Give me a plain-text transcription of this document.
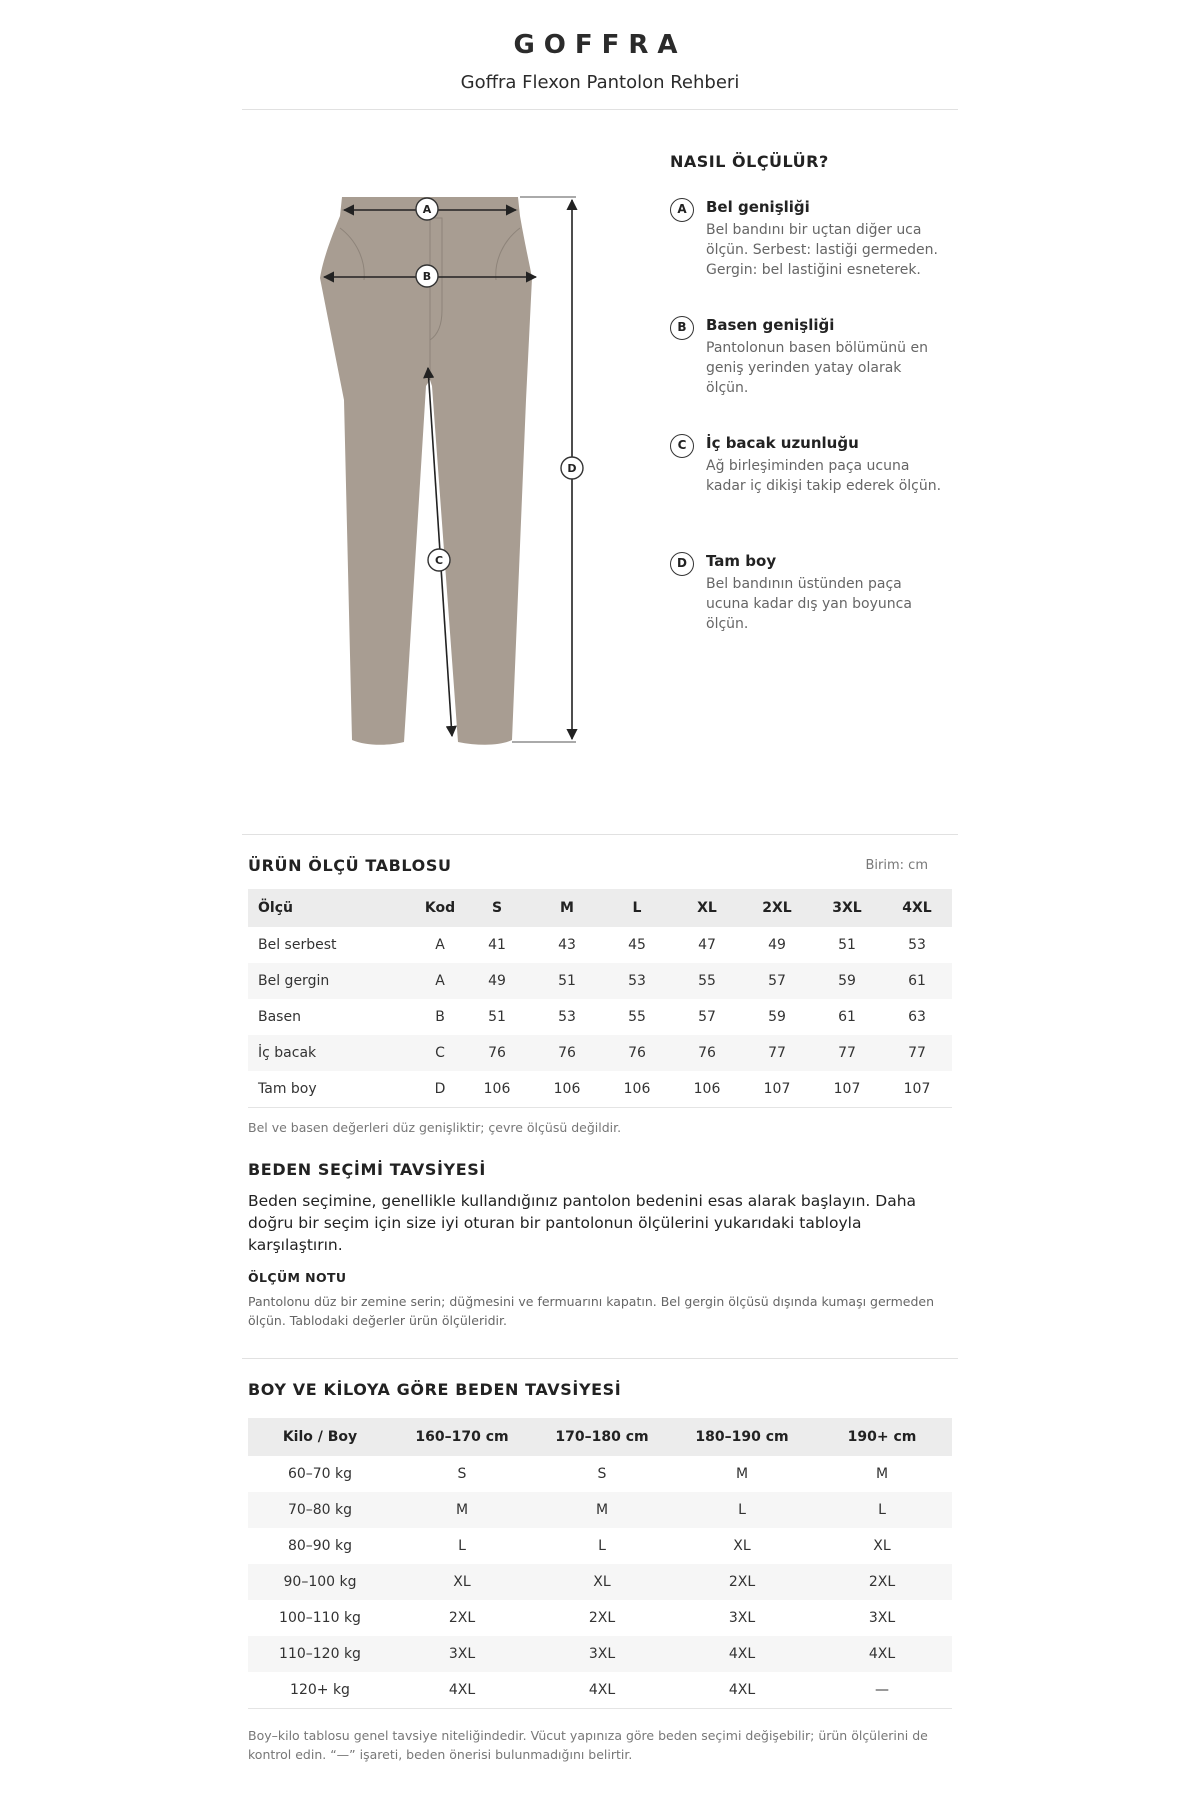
GOFFRA
Goffra Flexon Pantolon Rehberi
A
B
C
D
NASIL ÖLÇÜLÜR?
A	Bel genişliği
Bel bandını bir uçtan diğer uca ölçün. Serbest: lastiği germeden. Gergin: bel lastiğini esneterek.
B	Basen genişliği
Pantolonun basen bölümünü en geniş yerinden yatay olarak ölçün.
C	İç bacak uzunluğu
Ağ birleşiminden paça ucuna kadar iç dikişi takip ederek ölçün.
D	Tam boy
Bel bandının üstünden paça ucuna kadar dış yan boyunca ölçün.
ÜRÜN ÖLÇÜ TABLOSU	Birim: cm
Ölçü	Kod	S	M	L	XL	2XL	3XL	4XL
Bel serbest	A	41	43	45	47	49	51	53
Bel gergin	A	49	51	53	55	57	59	61
Basen	B	51	53	55	57	59	61	63
İç bacak	C	76	76	76	76	77	77	77
Tam boy	D	106	106	106	106	107	107	107
Bel ve basen değerleri düz genişliktir; çevre ölçüsü değildir.
BEDEN SEÇİMİ TAVSİYESİ
Beden seçimine, genellikle kullandığınız pantolon bedenini esas alarak başlayın. Daha doğru bir seçim için size iyi oturan bir pantolonun ölçülerini yukarıdaki tabloyla karşılaştırın.
ÖLÇÜM NOTU
Pantolonu düz bir zemine serin; düğmesini ve fermuarını kapatın. Bel gergin ölçüsü dışında kumaşı germeden ölçün. Tablodaki değerler ürün ölçüleridir.
BOY VE KİLOYA GÖRE BEDEN TAVSİYESİ
Kilo / Boy	160–170 cm	170–180 cm	180–190 cm	190+ cm
60–70 kg	S	S	M	M
70–80 kg	M	M	L	L
80–90 kg	L	L	XL	XL
90–100 kg	XL	XL	2XL	2XL
100–110 kg	2XL	2XL	3XL	3XL
110–120 kg	3XL	3XL	4XL	4XL
120+ kg	4XL	4XL	4XL	—
Boy–kilo tablosu genel tavsiye niteliğindedir. Vücut yapınıza göre beden seçimi değişebilir; ürün ölçülerini de kontrol edin. “—” işareti, beden önerisi bulunmadığını belirtir.
